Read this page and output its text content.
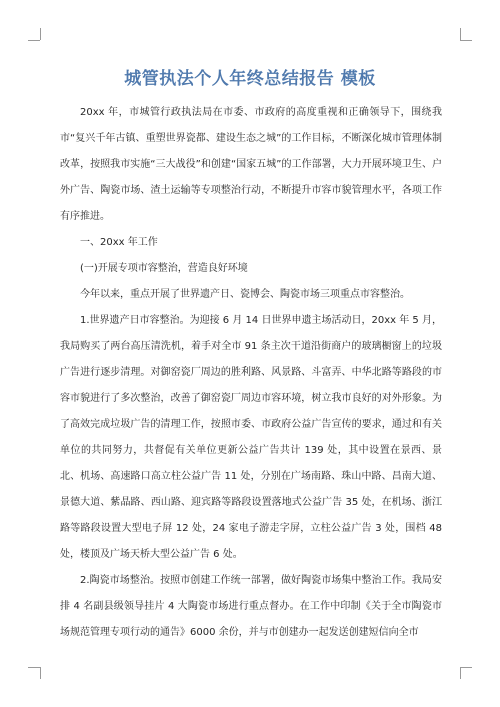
城管执法个人年终总结报告 模板

20xx 年，市城管行政执法局在市委、市政府的高度重视和正确领导下，围绕我市“复兴千年古镇、重塑世界瓷都、建设生态之城”的工作目标，不断深化城市管理体制改革，按照我市实施“三大战役”和创建“国家五城”的工作部署，大力开展环境卫生、户外广告、陶瓷市场、渣土运输等专项整治行动，不断提升市容市貌管理水平，各项工作有序推进。

一、20xx 年工作

(一)开展专项市容整治，营造良好环境

今年以来，重点开展了世界遗产日、瓷博会、陶瓷市场三项重点市容整治。

1.世界遗产日市容整治。为迎接 6 月 14 日世界申遗主场活动日，20xx 年 5 月，我局购买了两台高压清洗机，着手对全市 91 条主次干道沿街商户的玻璃橱窗上的垃圾广告进行逐步清理。对御窑瓷厂周边的胜利路、风景路、斗富弄、中华北路等路段的市容市貌进行了多次整治，改善了御窑瓷厂周边市容环境，树立我市良好的对外形象。为了高效完成垃圾广告的清理工作，按照市委、市政府公益广告宣传的要求，通过和有关单位的共同努力，共督促有关单位更新公益广告共计 139 处，其中设置在景西、景北、机场、高速路口高立柱公益广告 11 处，分别在广场南路、珠山中路、昌南大道、景德大道、紫晶路、西山路、迎宾路等路段设置落地式公益广告 35 处，在机场、浙江路等路段设置大型电子屏 12 处，24 家电子游走字屏，立柱公益广告 3 处，围档 48 处，楼顶及广场天桥大型公益广告 6 处。

2.陶瓷市场整治。按照市创建工作统一部署，做好陶瓷市场集中整治工作。我局安排 4 名副县级领导挂片 4 大陶瓷市场进行重点督办。在工作中印制《关于全市陶瓷市场规范管理专项行动的通告》6000 余份，并与市创建办一起发送创建短信向全市
